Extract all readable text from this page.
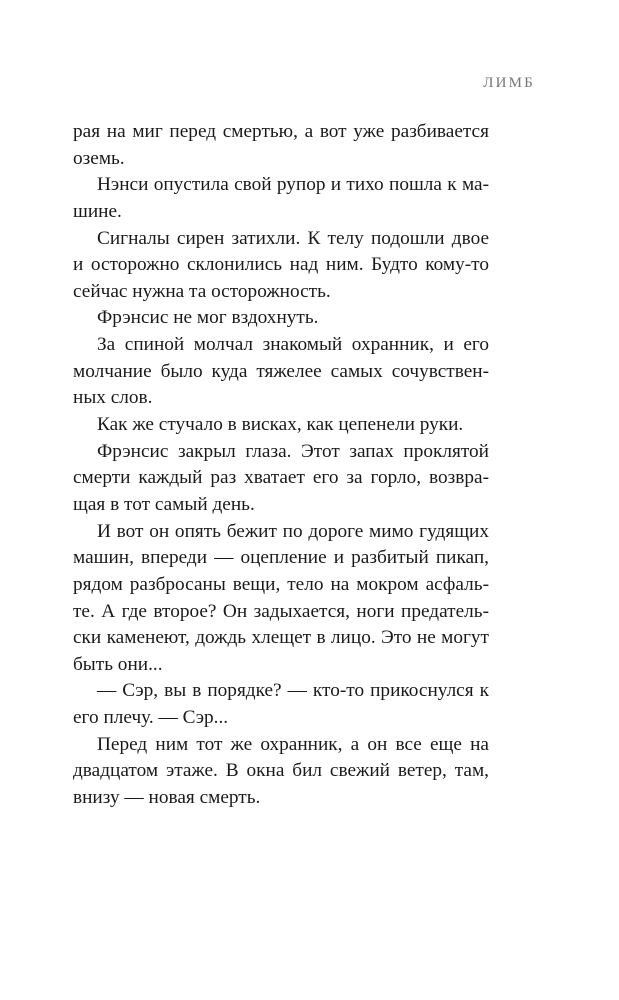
ЛИМБ
рая на миг перед смертью, а вот уже разбивается
оземь.
Нэнси опустила свой рупор и тихо пошла к ма-
шине.
Сигналы сирен затихли. К телу подошли двое
и осторожно склонились над ним. Будто кому-то
сейчас нужна та осторожность.
Фрэнсис не мог вздохнуть.
За спиной молчал знакомый охранник, и его
молчание было куда тяжелее самых сочувствен-
ных слов.
Как же стучало в висках, как цепенели руки.
Фрэнсис закрыл глаза. Этот запах проклятой
смерти каждый раз хватает его за горло, возвра-
щая в тот самый день.
И вот он опять бежит по дороге мимо гудящих
машин, впереди — оцепление и разбитый пикап,
рядом разбросаны вещи, тело на мокром асфаль-
те. А где второе? Он задыхается, ноги предатель-
ски каменеют, дождь хлещет в лицо. Это не могут
быть они...
— Сэр, вы в порядке? — кто-то прикоснулся к
его плечу. — Сэр...
Перед ним тот же охранник, а он все еще на
двадцатом этаже. В окна бил свежий ветер, там,
внизу — новая смерть.
